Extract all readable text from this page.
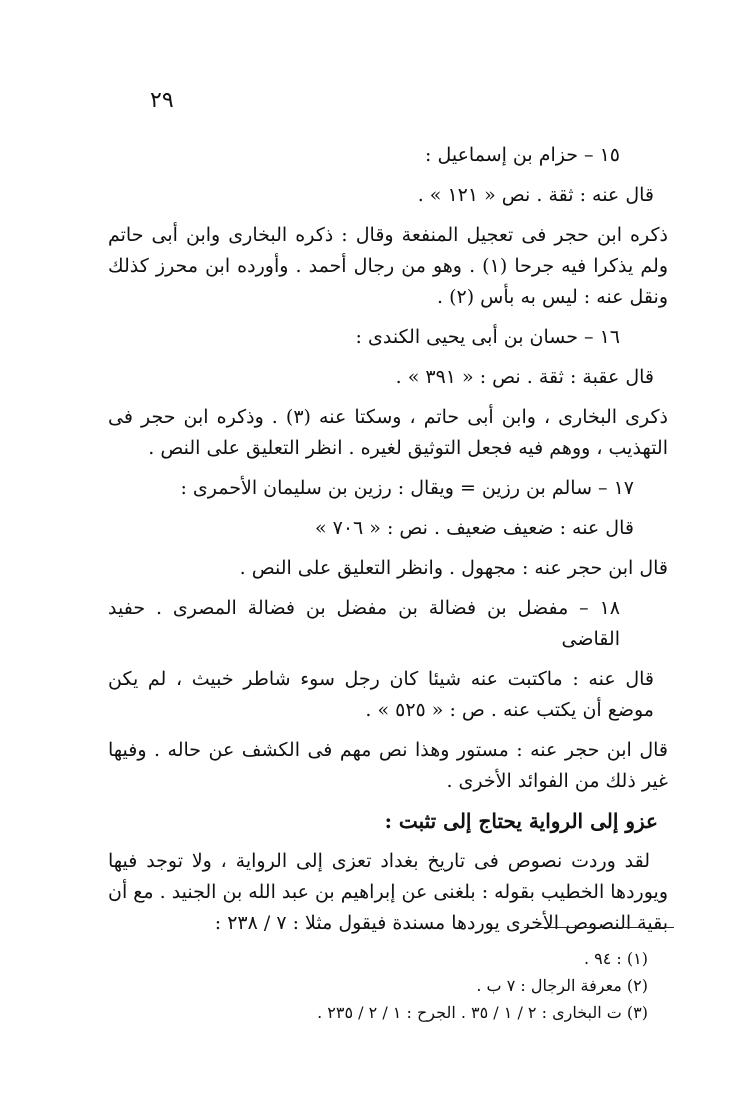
٢٩

١٥ – حزام بن إسماعيل :

قال عنه : ثقة . نص « ١٢١ » .

ذكره ابن حجر فى تعجيل المنفعة وقال : ذكره البخارى وابن أبى حاتم ولم يذكرا فيه جرحا (١) . وهو من رجال أحمد . وأورده ابن محرز كذلك ونقل عنه : ليس به بأس (٢) .

١٦ – حسان بن أبى يحيى الكندى :

قال عقبة : ثقة . نص : « ٣٩١ » .

ذكرى البخارى ، وابن أبى حاتم ، وسكتا عنه (٣) . وذكره ابن حجر فى التهذيب ، ووهم فيه فجعل التوثيق لغيره . انظر التعليق على النص .

١٧ – سالم بن رزين = ويقال : رزين بن سليمان الأحمرى :

قال عنه : ضعيف ضعيف . نص : « ٧٠٦ »

قال ابن حجر عنه : مجهول . وانظر التعليق على النص .

١٨ – مفضل بن فضالة بن مفضل بن فضالة المصرى . حفيد القاضى

قال عنه : ماكتبت عنه شيئا كان رجل سوء شاطر خبيث ، لم يكن موضع أن يكتب عنه . ص : « ٥٢٥ » .

قال ابن حجر عنه : مستور وهذا نص مهم فى الكشف عن حاله . وفيها غير ذلك من الفوائد الأخرى .

عزو إلى الرواية يحتاج إلى تثبت :

لقد وردت نصوص فى تاريخ بغداد تعزى إلى الرواية ، ولا توجد فيها ويوردها الخطيب بقوله : بلغنى عن إبراهيم بن عبد الله بن الجنيد . مع أن بقية النصوص الأخرى يوردها مسندة فيقول مثلا : ٧ / ٢٣٨ :

(١) : ٩٤ .
(٢) معرفة الرجال : ٧ ب .
(٣) ت البخارى : ٢ / ١ / ٣٥ . الجرح : ١ / ٢ / ٢٣٥ .
